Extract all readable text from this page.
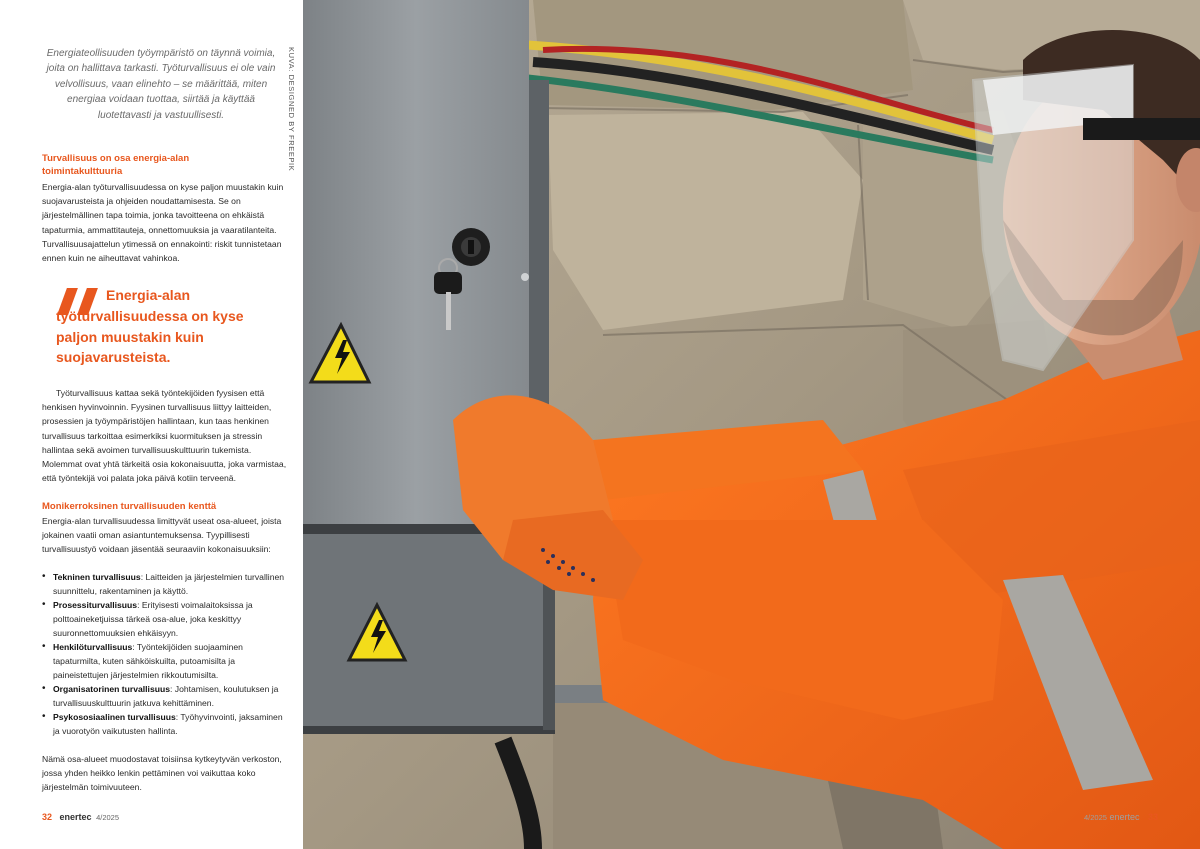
Energiateollisuuden työympäristö on täynnä voimia, joita on hallittava tarkasti. Työturvallisuus ei ole vain velvollisuus, vaan elinehto – se määrittää, miten energiaa voidaan tuottaa, siirtää ja käyttää luotettavasti ja vastuullisesti.	KUVA: DESIGNED BY FREEPIK
Turvallisuus on osa energia-alan toimintakulttuuria

Energia-alan työturvallisuudessa on kyse paljon muustakin kuin suojavarusteista ja ohjeiden noudattamisesta. Se on järjestelmällinen tapa toimia, jonka tavoitteena on ehkäistä tapaturmia, ammattitauteja, onnettomuuksia ja vaaratilanteita. Turvallisuusajattelun ytimessä on ennakointi: riskit tunnistetaan ennen kuin ne aiheuttavat vahinkoa.

Energia-alan työturvallisuudessa on kyse paljon muustakin kuin suojavarusteista.

Työturvallisuus kattaa sekä työntekijöiden fyysisen että henkisen hyvinvoinnin. Fyysinen turvallisuus liittyy laitteiden, prosessien ja työympäristöjen hallintaan, kun taas henkinen turvallisuus tarkoittaa esimerkiksi kuormituksen ja stressin hallintaa sekä avoimen turvallisuuskulttuurin tukemista. Molemmat ovat yhtä tärkeitä osia kokonaisuutta, joka varmistaa, että työntekijä voi palata joka päivä kotiin terveenä.

Monikerroksinen turvallisuuden kenttä

Energia-alan turvallisuudessa limittyvät useat osa-alueet, joista jokainen vaatii oman asiantuntemuksensa. Tyypillisesti turvallisuustyö voidaan jäsentää seuraaviin kokonaisuuksiin:

• Tekninen turvallisuus: Laitteiden ja järjestelmien turvallinen suunnittelu, rakentaminen ja käyttö.
• Prosessiturvallisuus: Erityisesti voimalaitoksissa ja polttoaineketjuissa tärkeä osa-alue, joka keskittyy suuronnettomuuksien ehkäisyyn.
• Henkilöturvallisuus: Työntekijöiden suojaaminen tapaturmilta, kuten sähköiskuilta, putoamisilta ja paineistettujen järjestelmien rikkoutumisilta.
• Organisatorinen turvallisuus: Johtamisen, koulutuksen ja turvallisuuskulttuurin jatkuva kehittäminen.
• Psykososiaalinen turvallisuus: Työhyvinvointi, jaksaminen ja vuorotyön vaikutusten hallinta.

Nämä osa-alueet muodostavat toisiinsa kytkeytyvän verkoston, jossa yhden heikko lenkin pettäminen voi vaikuttaa koko järjestelmän toimivuuteen.

32 enertec 4/2025	4/2025 enertec 33
